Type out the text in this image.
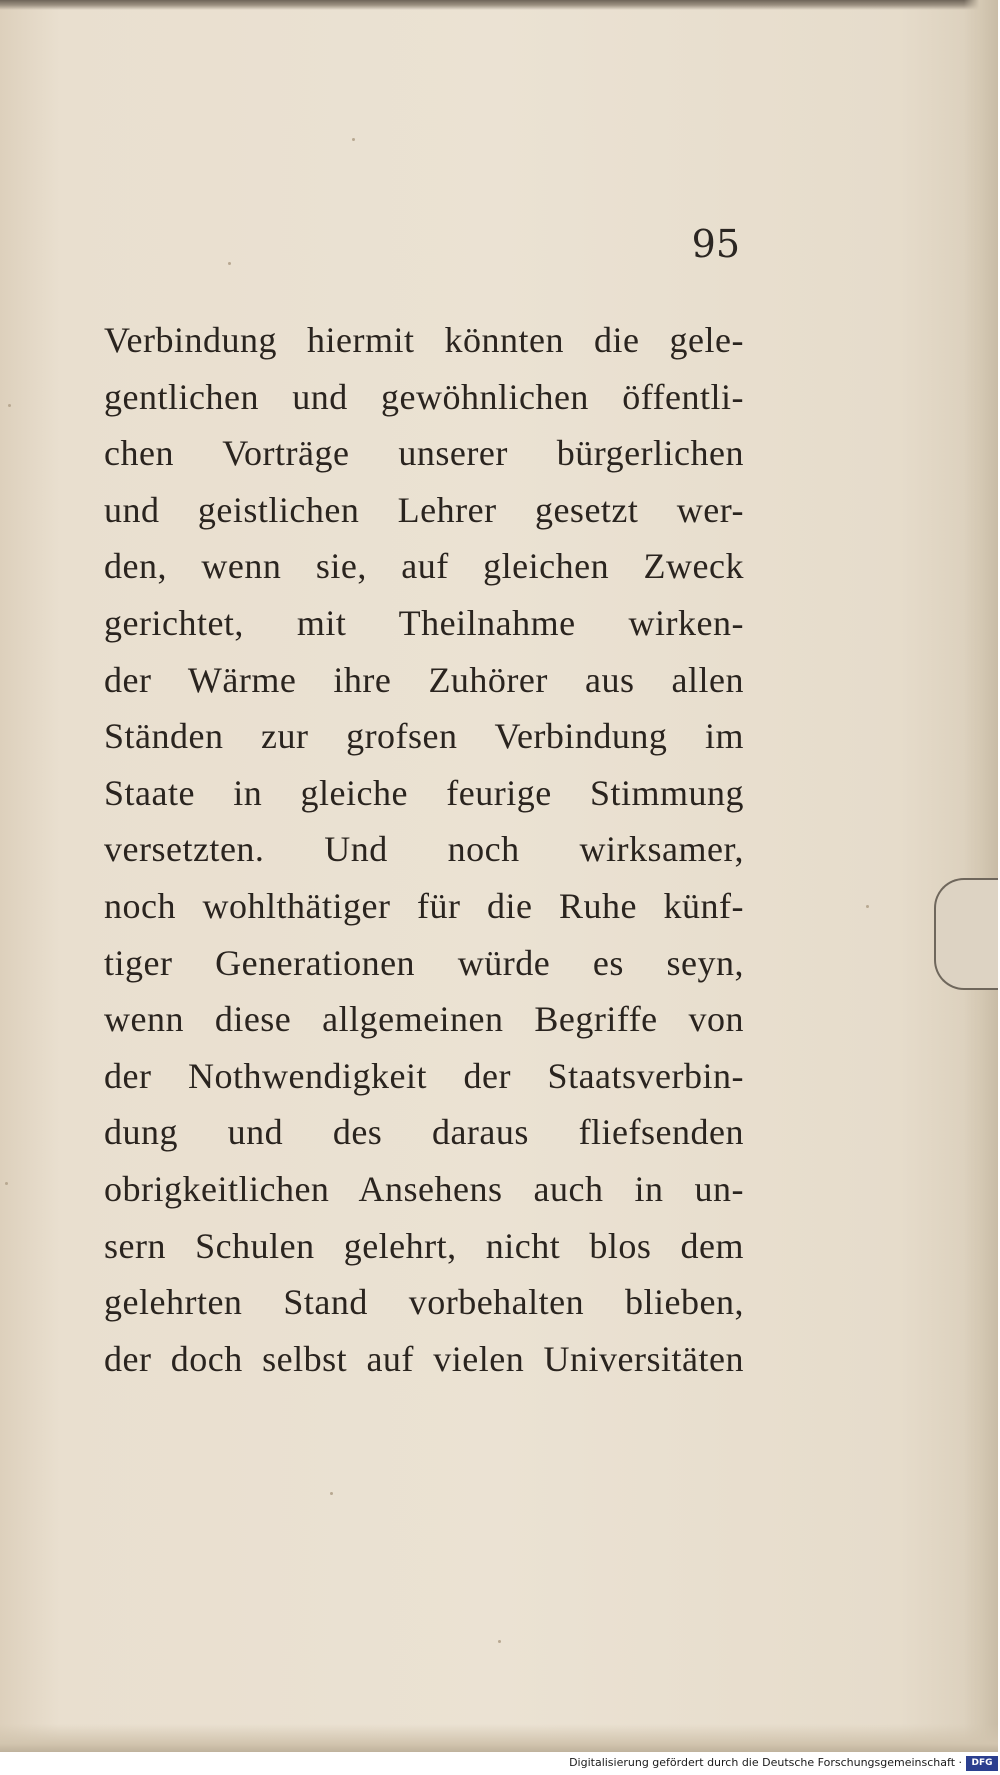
95
Verbindung hiermit könnten die gele-
gentlichen und gewöhnlichen öffentli-
chen Vorträge unserer bürgerlichen
und geistlichen Lehrer gesetzt wer-
den, wenn sie, auf gleichen Zweck
gerichtet, mit Theilnahme wirken-
der Wärme ihre Zuhörer aus allen
Ständen zur grofsen Verbindung im
Staate in gleiche feurige Stimmung
versetzten. Und noch wirksamer,
noch wohlthätiger für die Ruhe künf-
tiger Generationen würde es seyn,
wenn diese allgemeinen Begriffe von
der Nothwendigkeit der Staatsverbin-
dung und des daraus fliefsenden
obrigkeitlichen Ansehens auch in un-
sern Schulen gelehrt, nicht blos dem
gelehrten Stand vorbehalten blieben,
der doch selbst auf vielen Universitäten
Digitalisierung gefördert durch die Deutsche Forschungsgemeinschaft ·	DFG
